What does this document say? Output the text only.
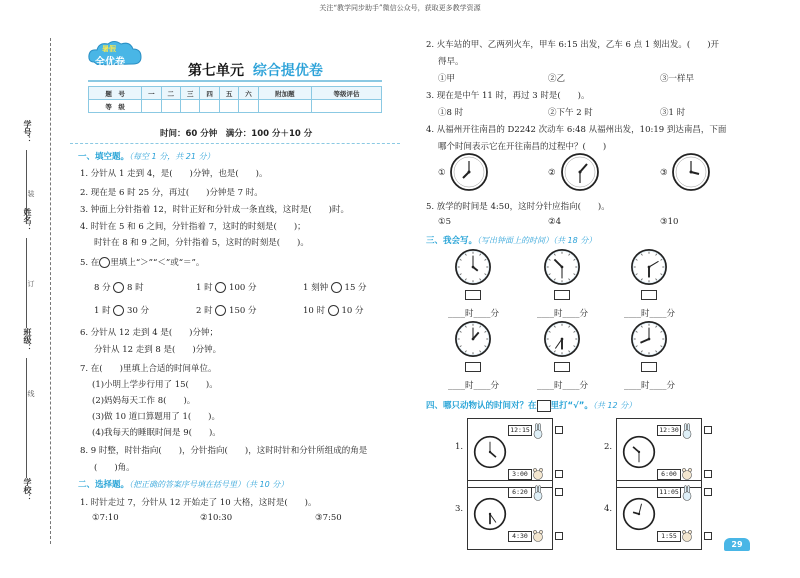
关注“教学同步助手”微信公众号，获取更多教学资源
学号：
姓名：
班级：
学校：
装
订
线
暑假
全优卷
第七单元 综合提优卷
题　号	一	二	三	四	五	六	附加题	等级评估
等　级								
时间：60 分钟　满分：100 分＋10 分
一、填空题。（每空 1 分，共 21 分）
1. 分针从 1 走到 4，是(　　)分钟，也是(　　)。
2. 现在是 6 时 25 分，再过(　　)分钟是 7 时。
3. 钟面上分针指着 12，时针正好和分针成一条直线，这时是(　　)时。
4. 时针在 5 和 6 之间，分针指着 7，这时的时刻是(　　)；
时针在 8 和 9 之间，分针指着 5，这时的时刻是(　　)。
5. 在 里填上“＞”“＜”或“＝”。
8 分 8 时	1 时 100 分	1 刻钟 15 分
1 时 30 分	2 时 150 分	10 时 10 分
6. 分针从 12 走到 4 是(　　)分钟；
分针从 12 走到 8 是(　　)分钟。
7. 在(　　)里填上合适的时间单位。
(1)小明上学步行用了 15(　　)。
(2)妈妈每天工作 8(　　)。
(3)做 10 道口算题用了 1(　　)。
(4)我每天的睡眠时间是 9(　　)。
8. 9 时整，时针指向(　　)，分针指向(　　)，这时时针和分针所组成的角是
(　　)角。
二、选择题。（把正确的答案序号填在括号里）（共 10 分）
1. 时针走过 7，分针从 12 开始走了 10 大格，这时是(　　)。
①7:10	②10:30	③7:50
2. 火车站的甲、乙两列火车，甲车 6:15 出发，乙车 6 点 1 刻出发。(　　)开
得早。
①甲	②乙	③一样早
3. 现在是中午 11 时，再过 3 时是(　　)。
①8 时	②下午 2 时	③1 时
4. 从福州开往南昌的 D2242 次动车 6:48 从福州出发，10:19 到达南昌，下面
哪个时间表示它在开往南昌的过程中？(　　)
①	②	③
5. 放学的时间是 4:50，这时分针应指向(　　)。
①5	②4	③10
三、我会写。（写出钟面上的时间）（共 18 分）
____时____分	____时____分	____时____分
____时____分	____时____分	____时____分
四、哪只动物认的时间对？在 里打“√”。（共 12 分）
1.
12:15
3:00
2.
12:30
6:00
3.
6:20
4:30
4.
11:05
1:55
29
